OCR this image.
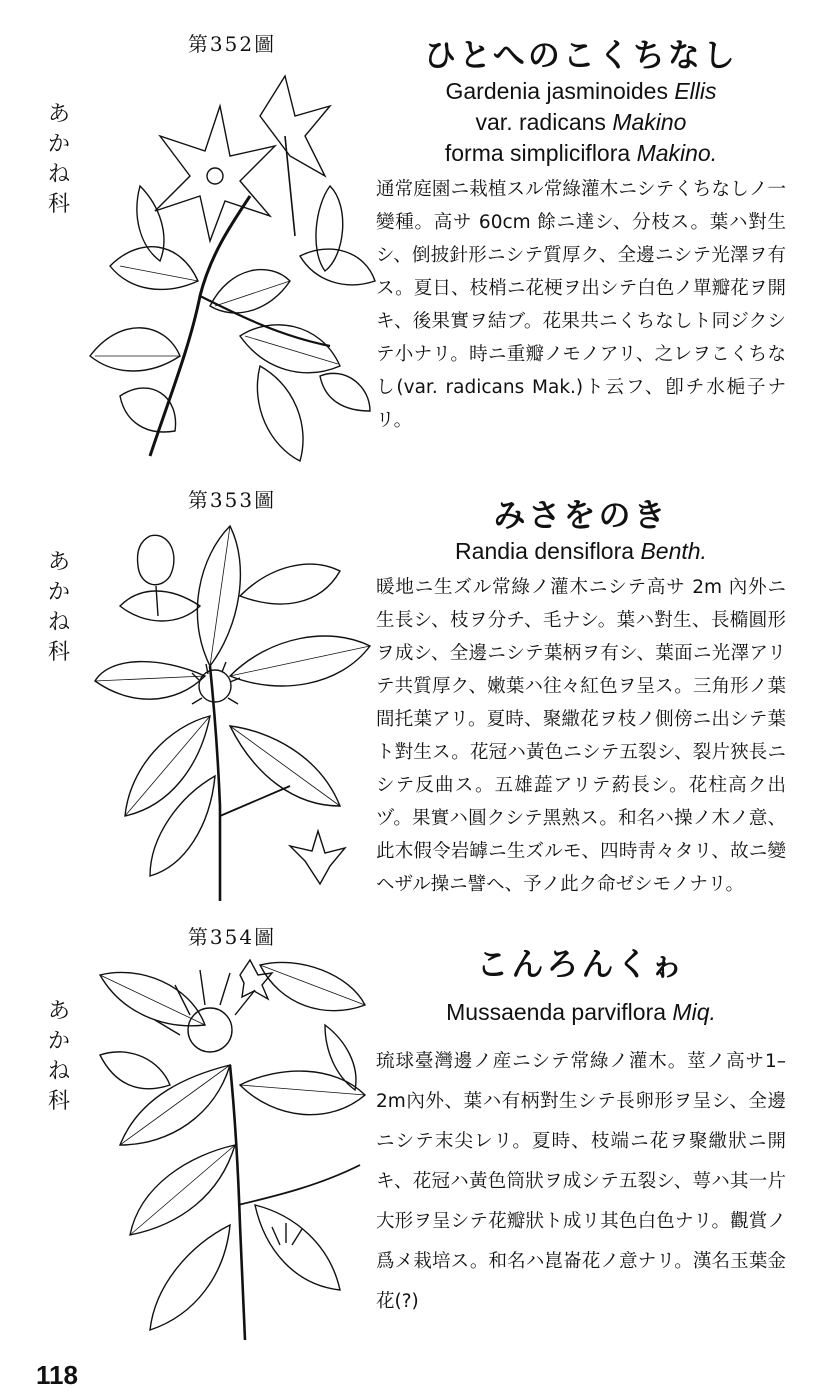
第352圖
あ
か
ね
科
ひとへのこくちなし
Gardenia jasminoides Ellis
var. radicans Makino
forma simpliciflora Makino.
通常庭園ニ栽植スル常綠灌木ニシテくちなしノ一變種。高サ 60cm 餘ニ達シ、分枝ス。葉ハ對生シ、倒披針形ニシテ質厚ク、全邊ニシテ光澤ヲ有ス。夏日、枝梢ニ花梗ヲ出シテ白色ノ單瓣花ヲ開キ、後果實ヲ結ブ。花果共ニくちなしト同ジクシテ小ナリ。時ニ重瓣ノモノアリ、之レヲこくちなし(var. radicans Mak.)ト云フ、卽チ水梔子ナリ。
第353圖
あ
か
ね
科
みさをのき
Randia densiflora Benth.
暖地ニ生ズル常綠ノ灌木ニシテ高サ 2m 內外ニ生長シ、枝ヲ分チ、毛ナシ。葉ハ對生、長橢圓形ヲ成シ、全邊ニシテ葉柄ヲ有シ、葉面ニ光澤アリテ共質厚ク、嫩葉ハ往々紅色ヲ呈ス。三角形ノ葉間托葉アリ。夏時、聚繖花ヲ枝ノ側傍ニ出シテ葉ト對生ス。花冠ハ黃色ニシテ五裂シ、裂片狹長ニシテ反曲ス。五雄蕋アリテ葯長シ。花柱高ク出ヅ。果實ハ圓クシテ黑熟ス。和名ハ操ノ木ノ意、此木假令岩罅ニ生ズルモ、四時靑々タリ、故ニ變ヘザル操ニ譬ヘ、予ノ此ク命ゼシモノナリ。
第354圖
あ
か
ね
科
こんろんくゎ
Mussaenda parviflora Miq.
琉球臺灣邊ノ産ニシテ常綠ノ灌木。莖ノ高サ1–2m內外、葉ハ有柄對生シテ長卵形ヲ呈シ、全邊ニシテ末尖レリ。夏時、枝端ニ花ヲ聚繖狀ニ開キ、花冠ハ黃色筒狀ヲ成シテ五裂シ、萼ハ其一片大形ヲ呈シテ花瓣狀ト成リ其色白色ナリ。觀賞ノ爲メ栽培ス。和名ハ崑崙花ノ意ナリ。漢名玉葉金花(?)
118
